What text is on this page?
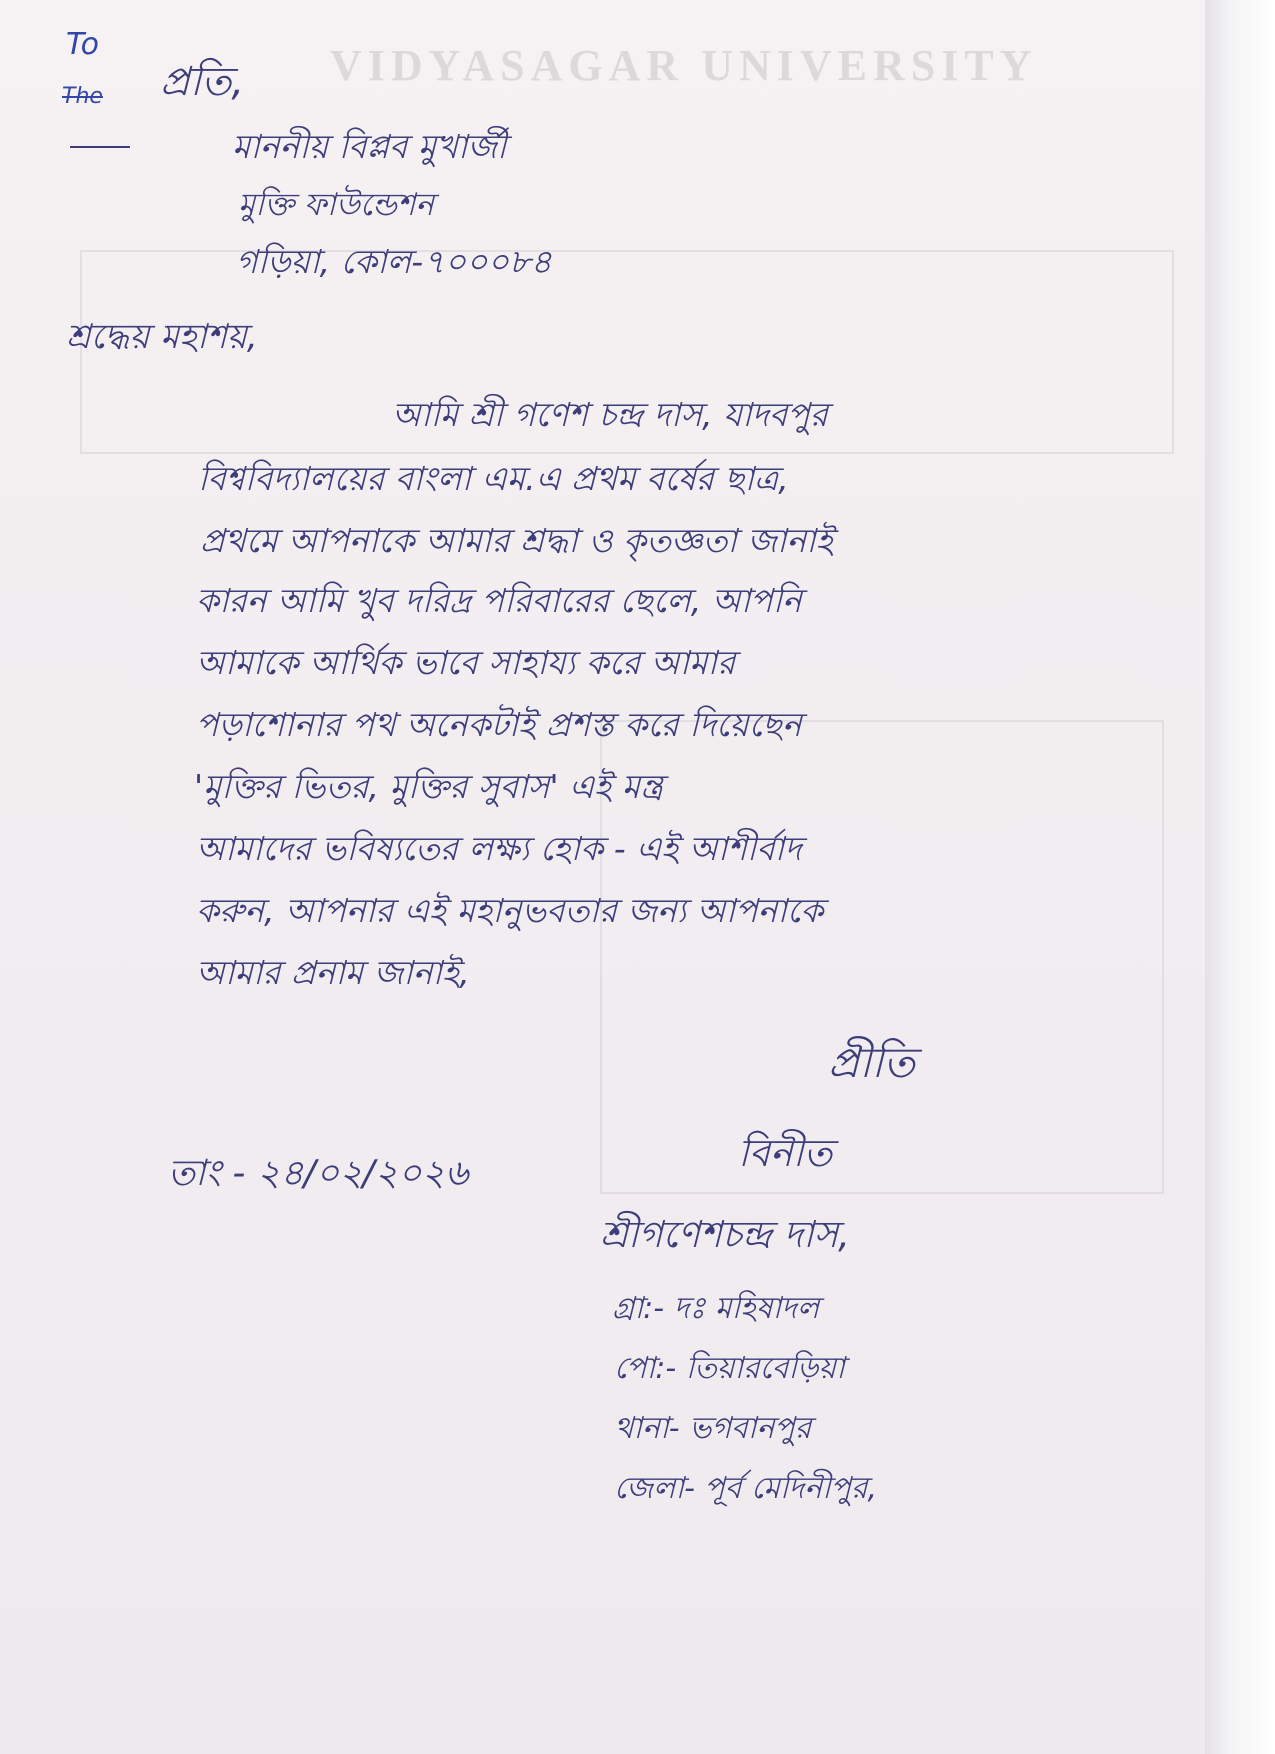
VIDYASAGAR UNIVERSITY
To
The প্রতি,
মাননীয় বিপ্লব মুখার্জী
মুক্তি ফাউন্ডেশন
গড়িয়া, কোল-৭০০০৮৪
শ্রদ্ধেয় মহাশয়,
আমি শ্রী গণেশ চন্দ্র দাস, যাদবপুর
বিশ্ববিদ্যালয়ের বাংলা এম.এ প্রথম বর্ষের ছাত্র,
প্রথমে আপনাকে আমার শ্রদ্ধা ও কৃতজ্ঞতা জানাই
কারন আমি খুব দরিদ্র পরিবারের ছেলে, আপনি
আমাকে আর্থিক ভাবে সাহায্য করে আমার
পড়াশোনার পথ অনেকটাই প্রশস্ত করে দিয়েছেন
'মুক্তির ভিতর, মুক্তির সুবাস' এই মন্ত্র
আমাদের ভবিষ্যতের লক্ষ্য হোক - এই আশীর্বাদ
করুন, আপনার এই মহানুভবতার জন্য আপনাকে
আমার প্রনাম জানাই,
প্রীতি
বিনীত
তাং - ২৪/০২/২০২৬
শ্রীগণেশচন্দ্র দাস,
গ্রা:- দঃ মহিষাদল
পো:- তিয়ারবেড়িয়া
থানা- ভগবানপুর
জেলা- পূর্ব মেদিনীপুর,
